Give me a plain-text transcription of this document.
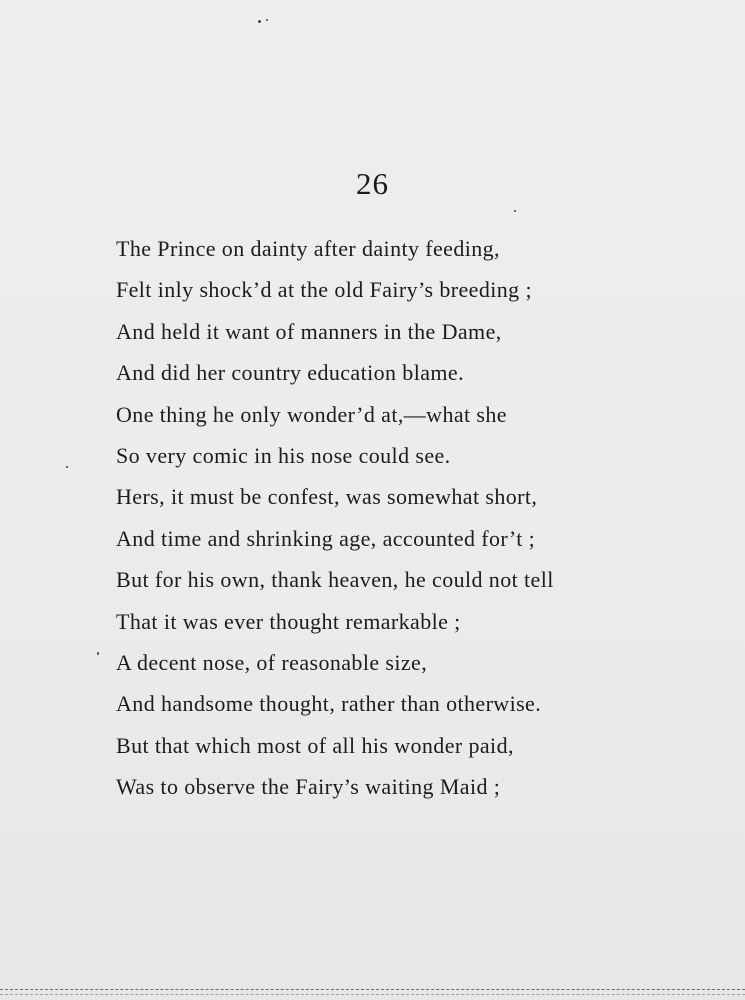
26
The Prince on dainty after dainty feeding,
Felt inly shock’d at the old Fairy’s breeding ;
And held it want of manners in the Dame,
And did her country education blame.
One thing he only wonder’d at,—what she
So very comic in his nose could see.
Hers, it must be confest, was somewhat short,
And time and shrinking age, accounted for’t ;
But for his own, thank heaven, he could not tell
That it was ever thought remarkable ;
A decent nose, of reasonable size,
And handsome thought, rather than otherwise.
But that which most of all his wonder paid,
Was to observe the Fairy’s waiting Maid ;
